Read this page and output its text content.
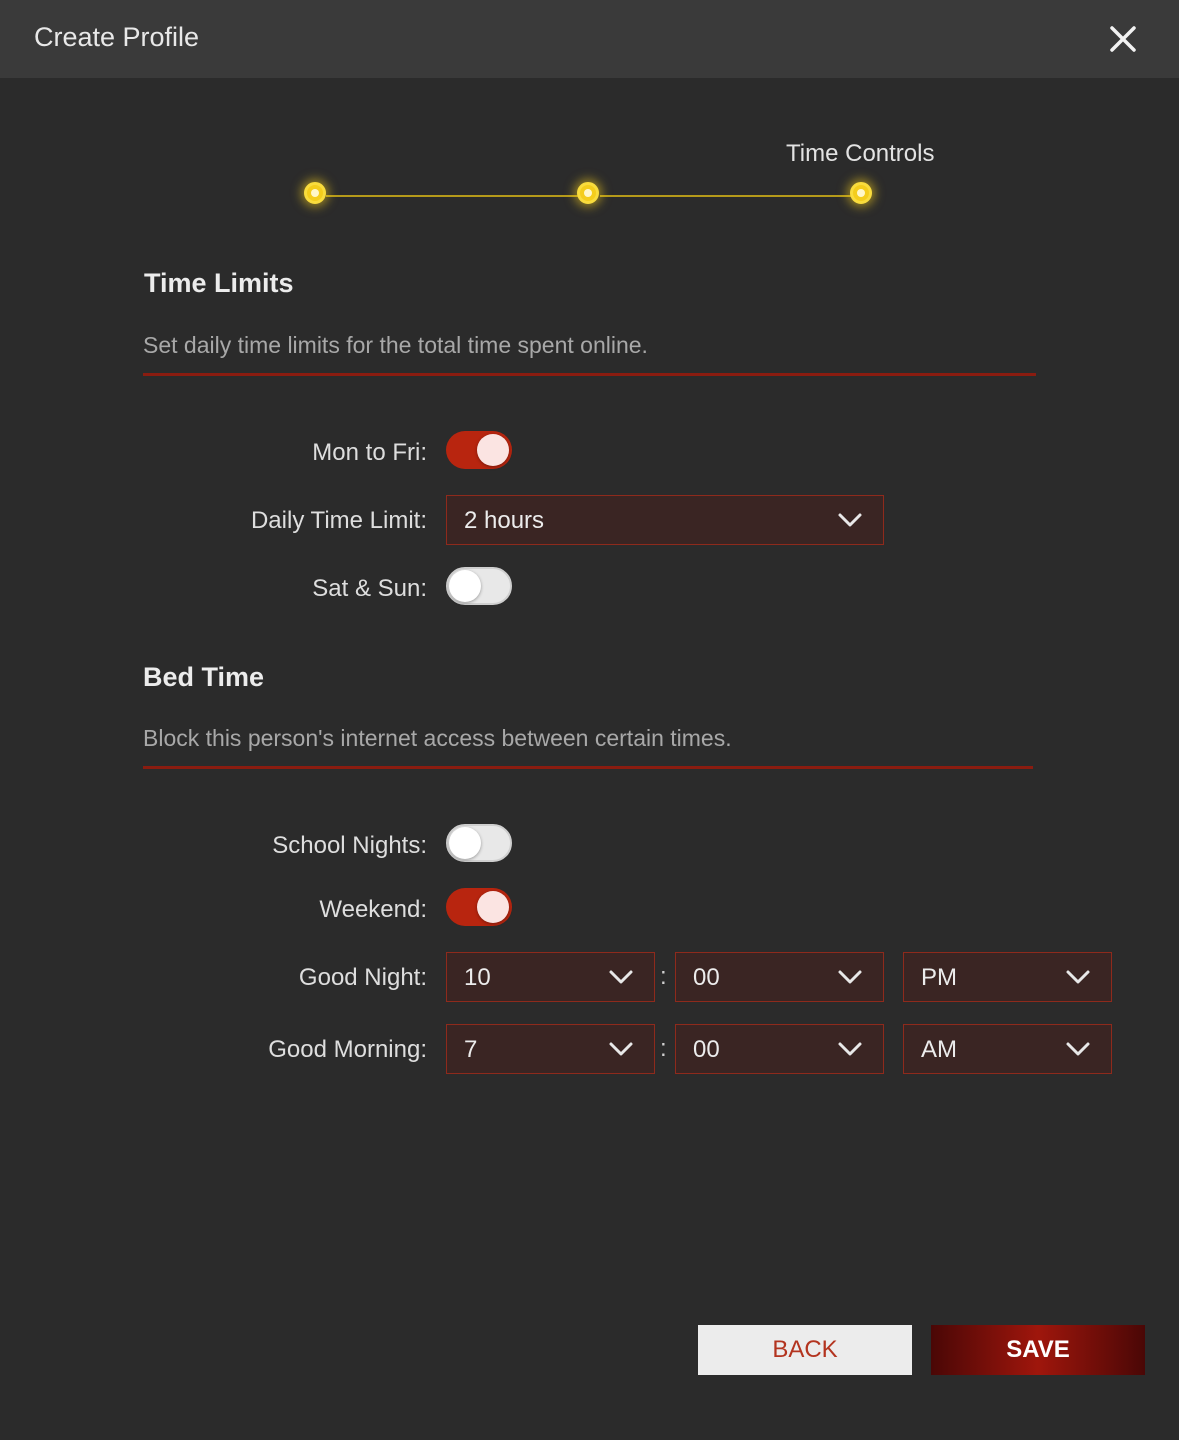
Create Profile
Time Controls
Time Limits
Set daily time limits for the total time spent online.
Mon to Fri:
Daily Time Limit: 2 hours
Sat & Sun:
Bed Time
Block this person's internet access between certain times.
School Nights:
Weekend:
Good Night: 10	: 00	PM
Good Morning: 7	: 00	AM
BACK	SAVE
